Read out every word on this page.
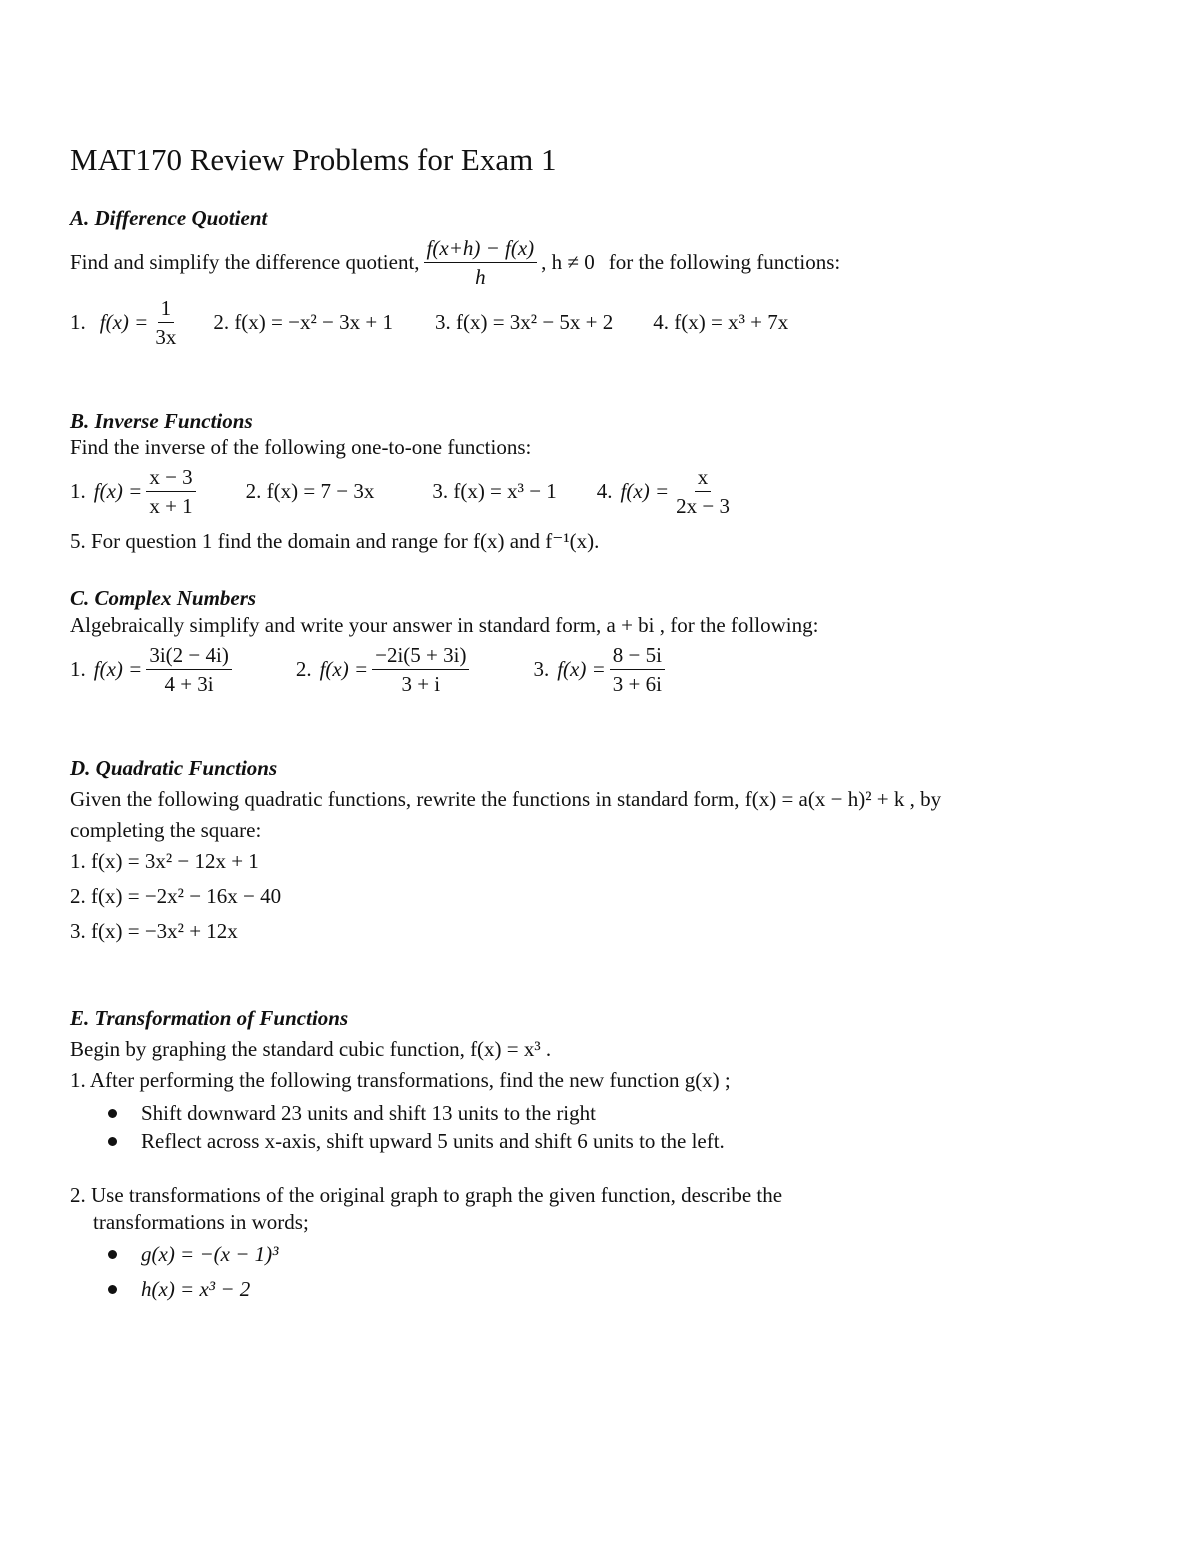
MAT170 Review Problems for Exam 1
A. Difference Quotient
Find and simplify the difference quotient, $\frac{f(x+h) - f(x)}{h}$ , h ≠ 0 for the following functions:
1. $f(x) = \frac{1}{3x} 2$. f(x) = −x² − 3x + 1 3. f(x) = 3x² − 5x + 2 4. f(x) = x³ + 7x
B. Inverse Functions
Find the inverse of the following one-to-one functions:
1. $f(x) = \frac{x - 3}{x + 1} 2$. f(x) = 7 − 3x	3. f(x) = x³ − 1 4. $f(x) = \frac{x}{2x - 3}$
5. For question 1 find the domain and range for f(x) and f⁻¹(x).
C. Complex Numbers
Algebraically simplify and write your answer in standard form, a + bi , for the following:
1. $f(x) = \frac{3i(2 - 4i)}{4 + 3i}$	2. $f(x) = \frac{-2i(5 + 3i)}{3 + i}$	3. $f(x) = \frac{8 - 5i}{3 + 6i}$
D. Quadratic Functions
Given the following quadratic functions, rewrite the functions in standard form, f(x) = a(x − h)² + k , by
completing the square:
1. f(x) = 3x² − 12x + 1
2. f(x) = −2x² − 16x − 40
3. f(x) = −3x² + 12x
E. Transformation of Functions
Begin by graphing the standard cubic function, f(x) = x³ .
1. After performing the following transformations, find the new function g(x) ;
Shift downward 23 units and shift 13 units to the right
Reflect across x-axis, shift upward 5 units and shift 6 units to the left.
2. Use transformations of the original graph to graph the given function, describe the
transformations in words;
g(x) = −(x − 1)³
h(x) = x³ − 2
